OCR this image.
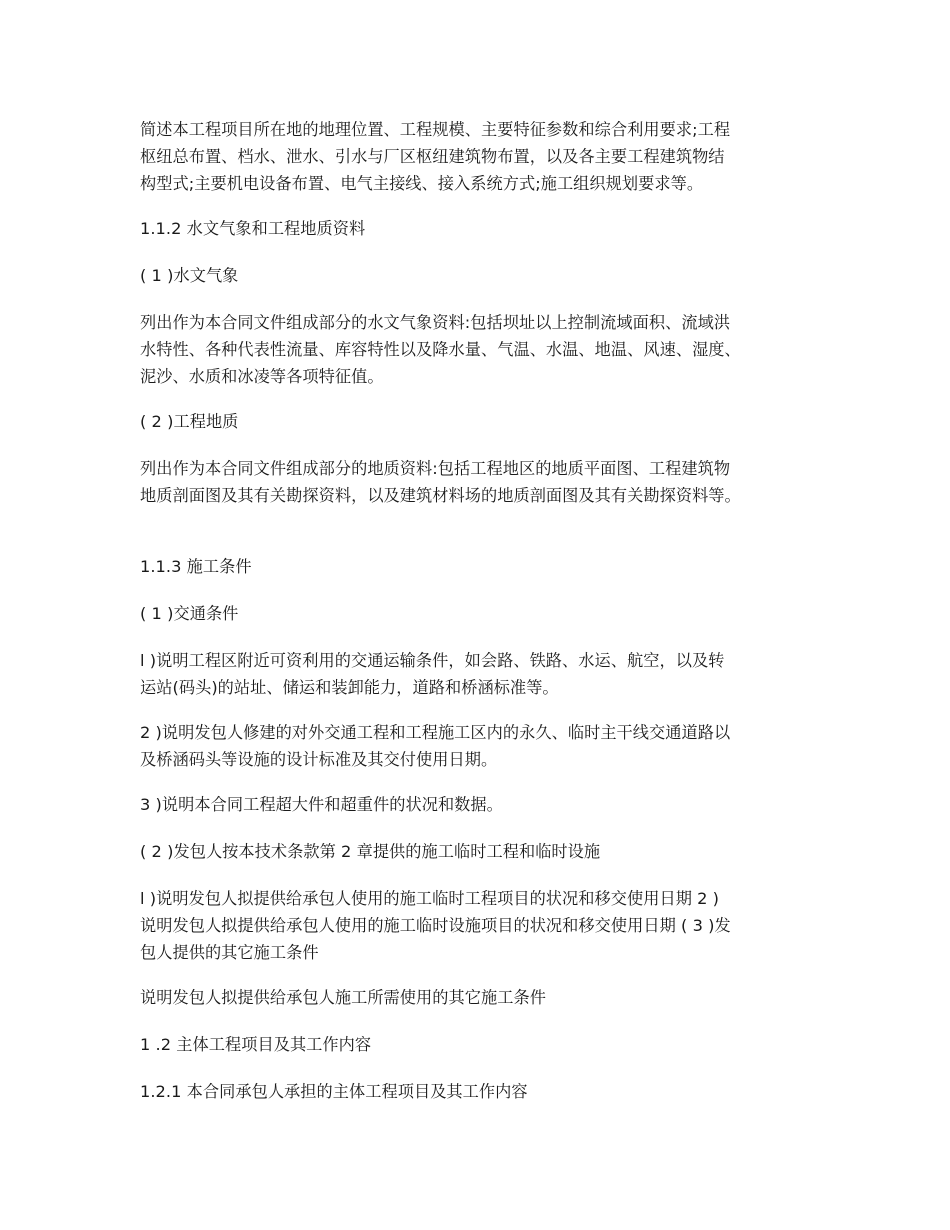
简述本工程项目所在地的地理位置、工程规模、主要特征参数和综合利用要求;工程
枢纽总布置、档水、泄水、引水与厂区枢纽建筑物布置，以及各主要工程建筑物结
构型式;主要机电设备布置、电气主接线、接入系统方式;施工组织规划要求等。
1.1.2 水文气象和工程地质资料
( 1 )水文气象
列出作为本合同文件组成部分的水文气象资料:包括坝址以上控制流域面积、流域洪
水特性、各种代表性流量、库容特性以及降水量、气温、水温、地温、风速、湿度、
泥沙、水质和冰凌等各项特征值。
( 2 )工程地质
列出作为本合同文件组成部分的地质资料:包括工程地区的地质平面图、工程建筑物
地质剖面图及其有关勘探资料，以及建筑材料场的地质剖面图及其有关勘探资料等。
1.1.3 施工条件
( 1 )交通条件
l )说明工程区附近可资利用的交通运输条件，如会路、铁路、水运、航空，以及转
运站(码头)的站址、储运和装卸能力，道路和桥涵标准等。
2 )说明发包人修建的对外交通工程和工程施工区内的永久、临时主干线交通道路以
及桥涵码头等设施的设计标准及其交付使用日期。
3 )说明本合同工程超大件和超重件的状况和数据。
( 2 )发包人按本技术条款第 2 章提供的施工临时工程和临时设施
l )说明发包人拟提供给承包人使用的施工临时工程项目的状况和移交使用日期 2 )
说明发包人拟提供给承包人使用的施工临时设施项目的状况和移交使用日期 ( 3 )发
包人提供的其它施工条件
说明发包人拟提供给承包人施工所需使用的其它施工条件
1 .2 主体工程项目及其工作内容
1.2.1 本合同承包人承担的主体工程项目及其工作内容
